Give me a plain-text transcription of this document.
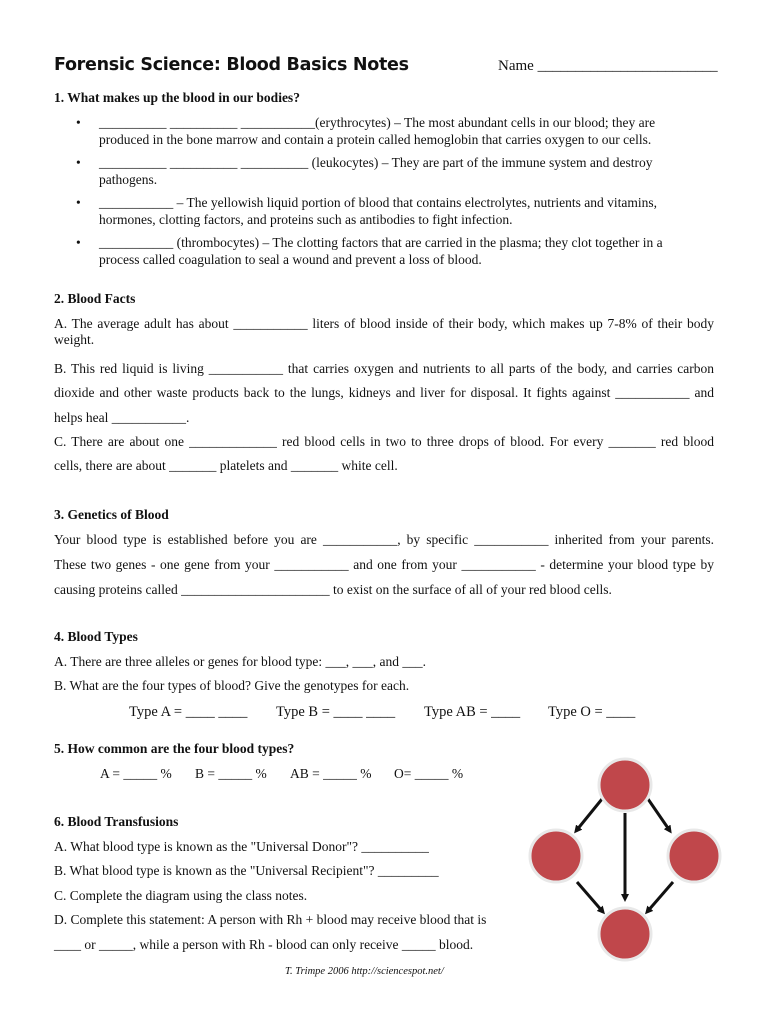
Forensic Science: Blood Basics Notes	Name ________________________
1. What makes up the blood in our bodies?
• __________ __________ ___________(erythrocytes) – The most abundant cells in our blood; they are
produced in the bone marrow and contain a protein called hemoglobin that carries oxygen to our cells.
• __________ __________ __________ (leukocytes) – They are part of the immune system and destroy
pathogens.
• ___________ – The yellowish liquid portion of blood that contains electrolytes, nutrients and vitamins,
hormones, clotting factors, and proteins such as antibodies to fight infection.
• ___________ (thrombocytes) – The clotting factors that are carried in the plasma; they clot together in a
process called coagulation to seal a wound and prevent a loss of blood.
2. Blood Facts
A. The average adult has about ___________ liters of blood inside of their body, which makes up 7-8% of their body
weight.
B. This red liquid is living ___________ that carries oxygen and nutrients to all parts of the body, and carries carbon
dioxide and other waste products back to the lungs, kidneys and liver for disposal. It fights against ___________ and
helps heal ___________.
C. There are about one _____________ red blood cells in two to three drops of blood. For every _______ red blood
cells, there are about _______ platelets and _______ white cell.
3. Genetics of Blood
Your blood type is established before you are ___________, by specific ___________ inherited from your parents.
These two genes - one gene from your ___________ and one from your ___________ - determine your blood type by
causing proteins called ______________________ to exist on the surface of all of your red blood cells.
4. Blood Types
A. There are three alleles or genes for blood type: ___, ___, and ___.
B. What are the four types of blood? Give the genotypes for each.
Type A = ____ ____ Type B = ____ ____ Type AB = ____ Type O = ____
5. How common are the four blood types?
A = _____ % B = _____ % AB = _____ % O= _____ %
6. Blood Transfusions
A. What blood type is known as the "Universal Donor"? __________
B. What blood type is known as the "Universal Recipient"? _________
C. Complete the diagram using the class notes.
D. Complete this statement: A person with Rh + blood may receive blood that is
____ or _____, while a person with Rh - blood can only receive _____ blood.
T. Trimpe 2006 http://sciencespot.net/
